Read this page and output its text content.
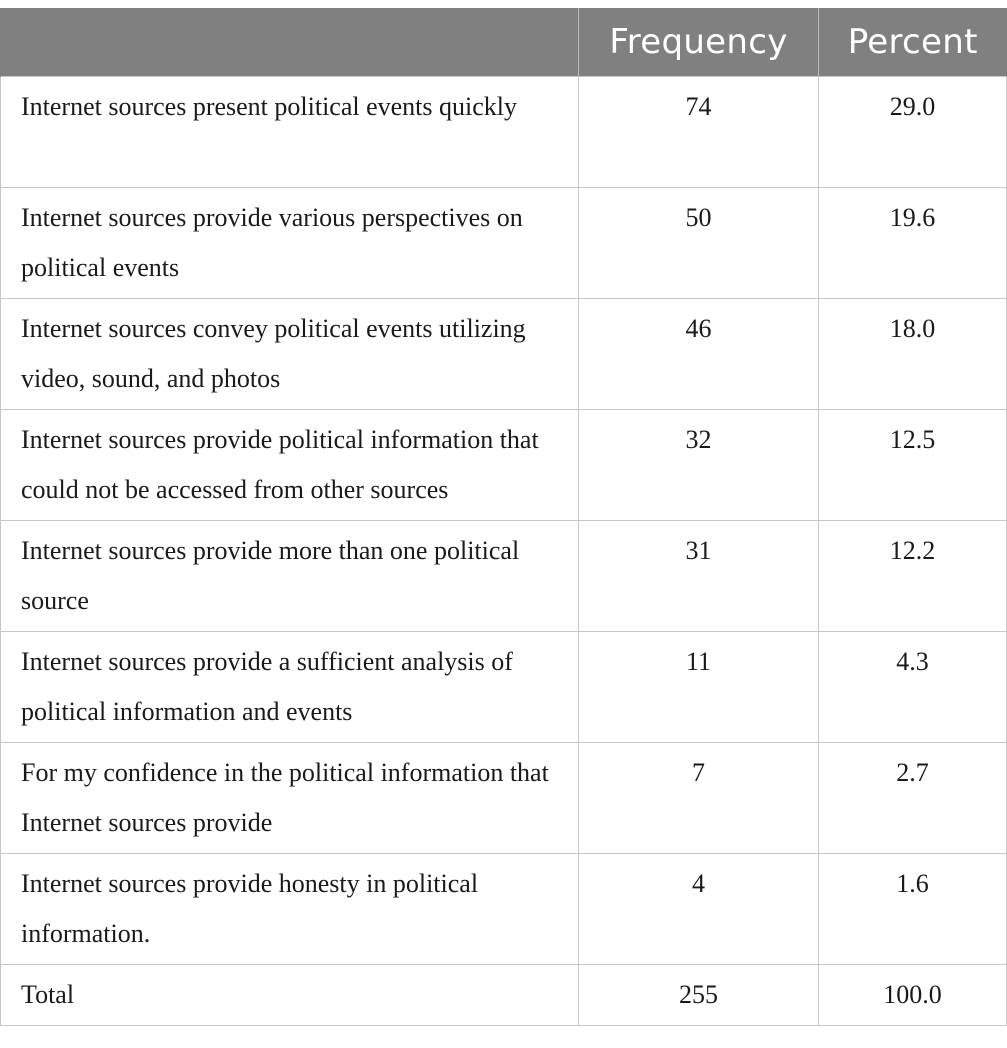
	Frequency	Percent

Internet sources present political events quickly	74	29.0

Internet sources provide various perspectives on political events	50	19.6

Internet sources convey political events utilizing video, sound, and photos	46	18.0

Internet sources provide political information that could not be accessed from other sources	32	12.5

Internet sources provide more than one political source	31	12.2

Internet sources provide a sufficient analysis of political information and events	11	4.3

For my confidence in the political information that Internet sources provide	7	2.7

Internet sources provide honesty in political information.	4	1.6

Total	255	100.0
